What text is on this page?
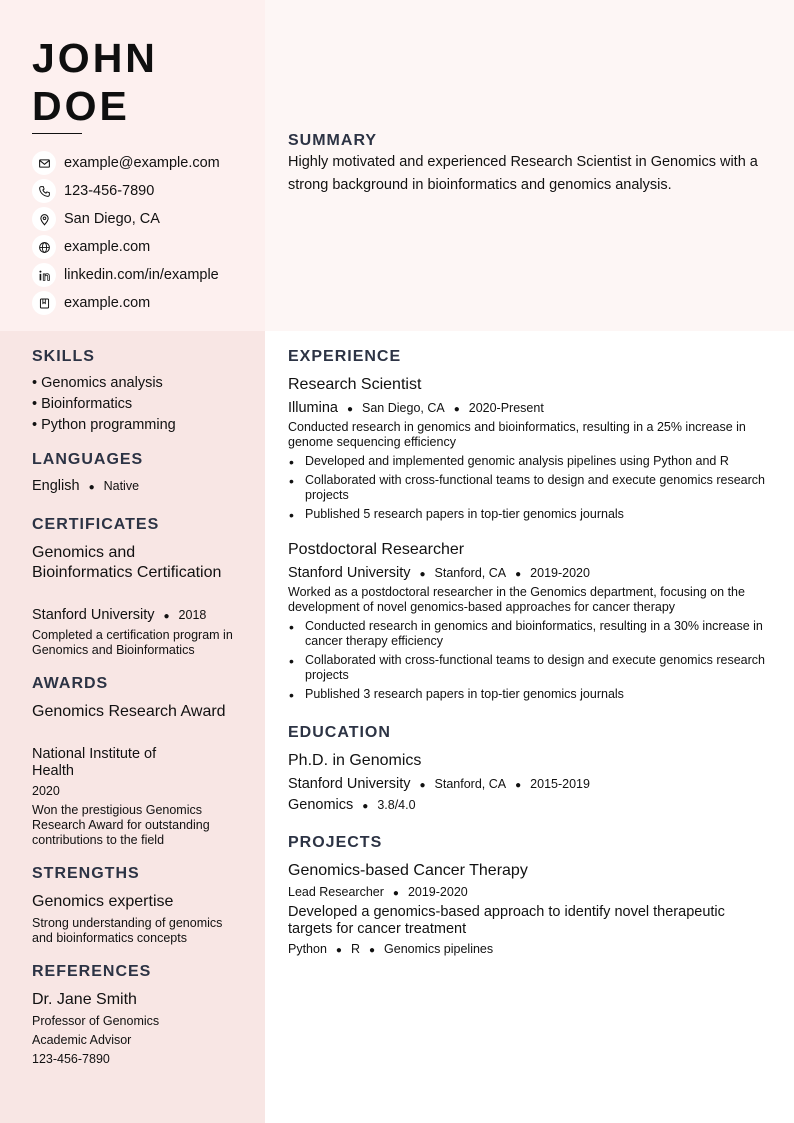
JOHN
DOE
example@example.com
123-456-7890
San Diego, CA
example.com
linkedin.com/in/example
example.com
SUMMARY
Highly motivated and experienced Research Scientist in Genomics with a strong background in bioinformatics and genomics analysis.
SKILLS
• Genomics analysis
• Bioinformatics
• Python programming
LANGUAGES
English ● Native
CERTIFICATES
Genomics and Bioinformatics Certification
Stanford University ● 2018
Completed a certification program in Genomics and Bioinformatics
AWARDS
Genomics Research Award
National Institute of Health
2020
Won the prestigious Genomics Research Award for outstanding contributions to the field
STRENGTHS
Genomics expertise
Strong understanding of genomics and bioinformatics concepts
REFERENCES
Dr. Jane Smith
Professor of Genomics
Academic Advisor
123-456-7890
EXPERIENCE
Research Scientist
Illumina ● San Diego, CA ● 2020-Present
Conducted research in genomics and bioinformatics, resulting in a 25% increase in genome sequencing efficiency
• Developed and implemented genomic analysis pipelines using Python and R
• Collaborated with cross-functional teams to design and execute genomics research projects
• Published 5 research papers in top-tier genomics journals
Postdoctoral Researcher
Stanford University ● Stanford, CA ● 2019-2020
Worked as a postdoctoral researcher in the Genomics department, focusing on the development of novel genomics-based approaches for cancer therapy
• Conducted research in genomics and bioinformatics, resulting in a 30% increase in cancer therapy efficiency
• Collaborated with cross-functional teams to design and execute genomics research projects
• Published 3 research papers in top-tier genomics journals
EDUCATION
Ph.D. in Genomics
Stanford University ● Stanford, CA ● 2015-2019
Genomics ● 3.8/4.0
PROJECTS
Genomics-based Cancer Therapy
Lead Researcher ● 2019-2020
Developed a genomics-based approach to identify novel therapeutic targets for cancer treatment
Python ● R ● Genomics pipelines
